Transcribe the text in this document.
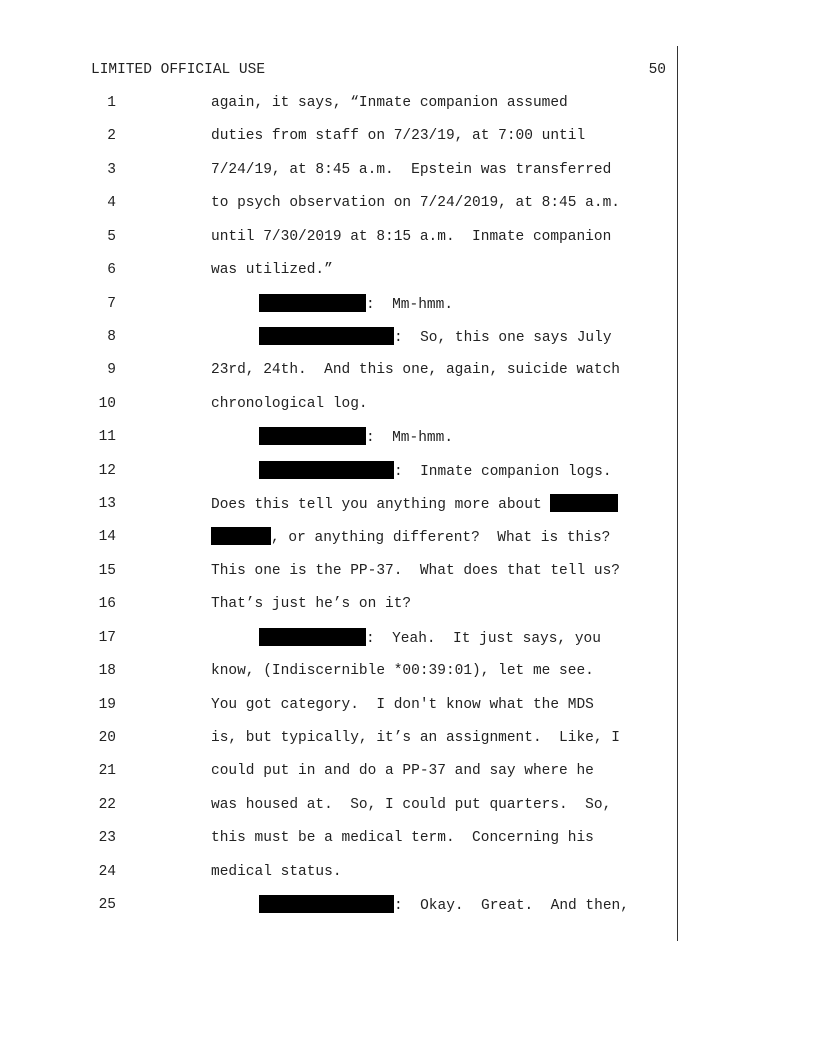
LIMITED OFFICIAL USE	50
1	again, it says, “Inmate companion assumed
2	duties from staff on 7/23/19, at 7:00 until
3	7/24/19, at 8:45 a.m.  Epstein was transferred
4	to psych observation on 7/24/2019, at 8:45 a.m.
5	until 7/30/2019 at 8:15 a.m.  Inmate companion
6	was utilized.”
7	:  Mm-hmm.
8	:  So, this one says July
9	23rd, 24th.  And this one, again, suicide watch
10	chronological log.
11	:  Mm-hmm.
12	:  Inmate companion logs.
13	Does this tell you anything more about
14	, or anything different?  What is this?
15	This one is the PP-37.  What does that tell us?
16	That’s just he’s on it?
17	:  Yeah.  It just says, you
18	know, (Indiscernible *00:39:01), let me see.
19	You got category.  I don't know what the MDS
20	is, but typically, it’s an assignment.  Like, I
21	could put in and do a PP-37 and say where he
22	was housed at.  So, I could put quarters.  So,
23	this must be a medical term.  Concerning his
24	medical status.
25	:  Okay.  Great.  And then,
